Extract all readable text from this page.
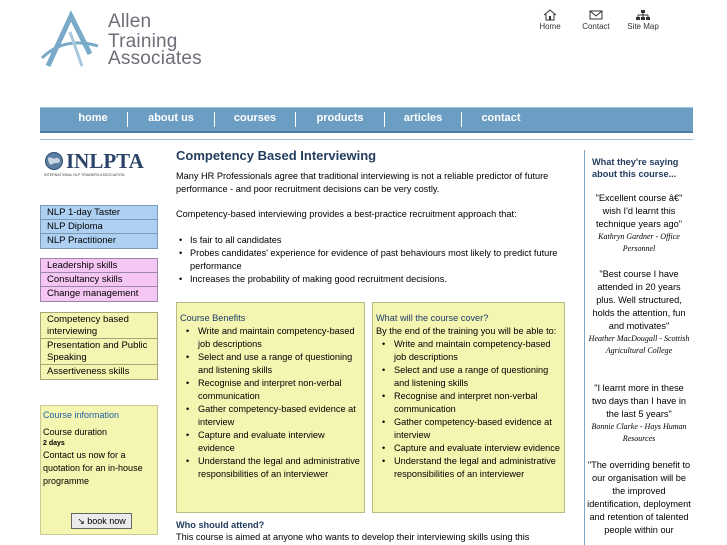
Allen
Training
Associates
Home	Contact Site Map
home	about us	courses	products	articles	contact
INLPTA
INTERNATIONAL NLP TRAINERS ASSOCIATION
NLP 1-day Taster
NLP Diploma
NLP Practitioner
Leadership skills
Consultancy skills
Change management
Competency based interviewing
Presentation and Public Speaking
Assertiveness skills
Course information
Course duration
2 days
Contact us now for a quotation for an in-house programme
↘ book now
Competency Based Interviewing
Many HR Professionals agree that traditional interviewing is not a reliable predictor of future performance - and poor recruitment decisions can be very costly.
Competency-based interviewing provides a best-practice recruitment approach that:
• Is fair to all candidates
• Probes candidates' experience for evidence of past behaviours most likely to predict future performance
• Increases the probability of making good recruitment decisions.
Course Benefits
• Write and maintain competency-based job descriptions
• Select and use a range of questioning and listening skills
• Recognise and interpret non-verbal communication
• Gather competency-based evidence at interview
• Capture and evaluate interview evidence
• Understand the legal and administrative responsibilities of an interviewer
What will the course cover?
By the end of the training you will be able to:
• Write and maintain competency-based job descriptions
• Select and use a range of questioning and listening skills
• Recognise and interpret non-verbal communication
• Gather competency-based evidence at interview
• Capture and evaluate interview evidence
• Understand the legal and administrative responsibilities of an interviewer
Who should attend?
This course is aimed at anyone who wants to develop their interviewing skills using this
What they're saying about this course...
"Excellent course â€" wish I'd learnt this technique years ago"
Kathryn Gardner - Office Personnel
"Best course I have attended in 20 years plus. Well structured, holds the attention, fun and motivates"
Heather MacDougall - Scottish Agricultural College
"I learnt more in these two days than I have in the last 5 years"
Bonnie Clarke - Hays Human Resources
"The overriding benefit to our organisation will be the improved identification, deployment and retention of talented people within our
